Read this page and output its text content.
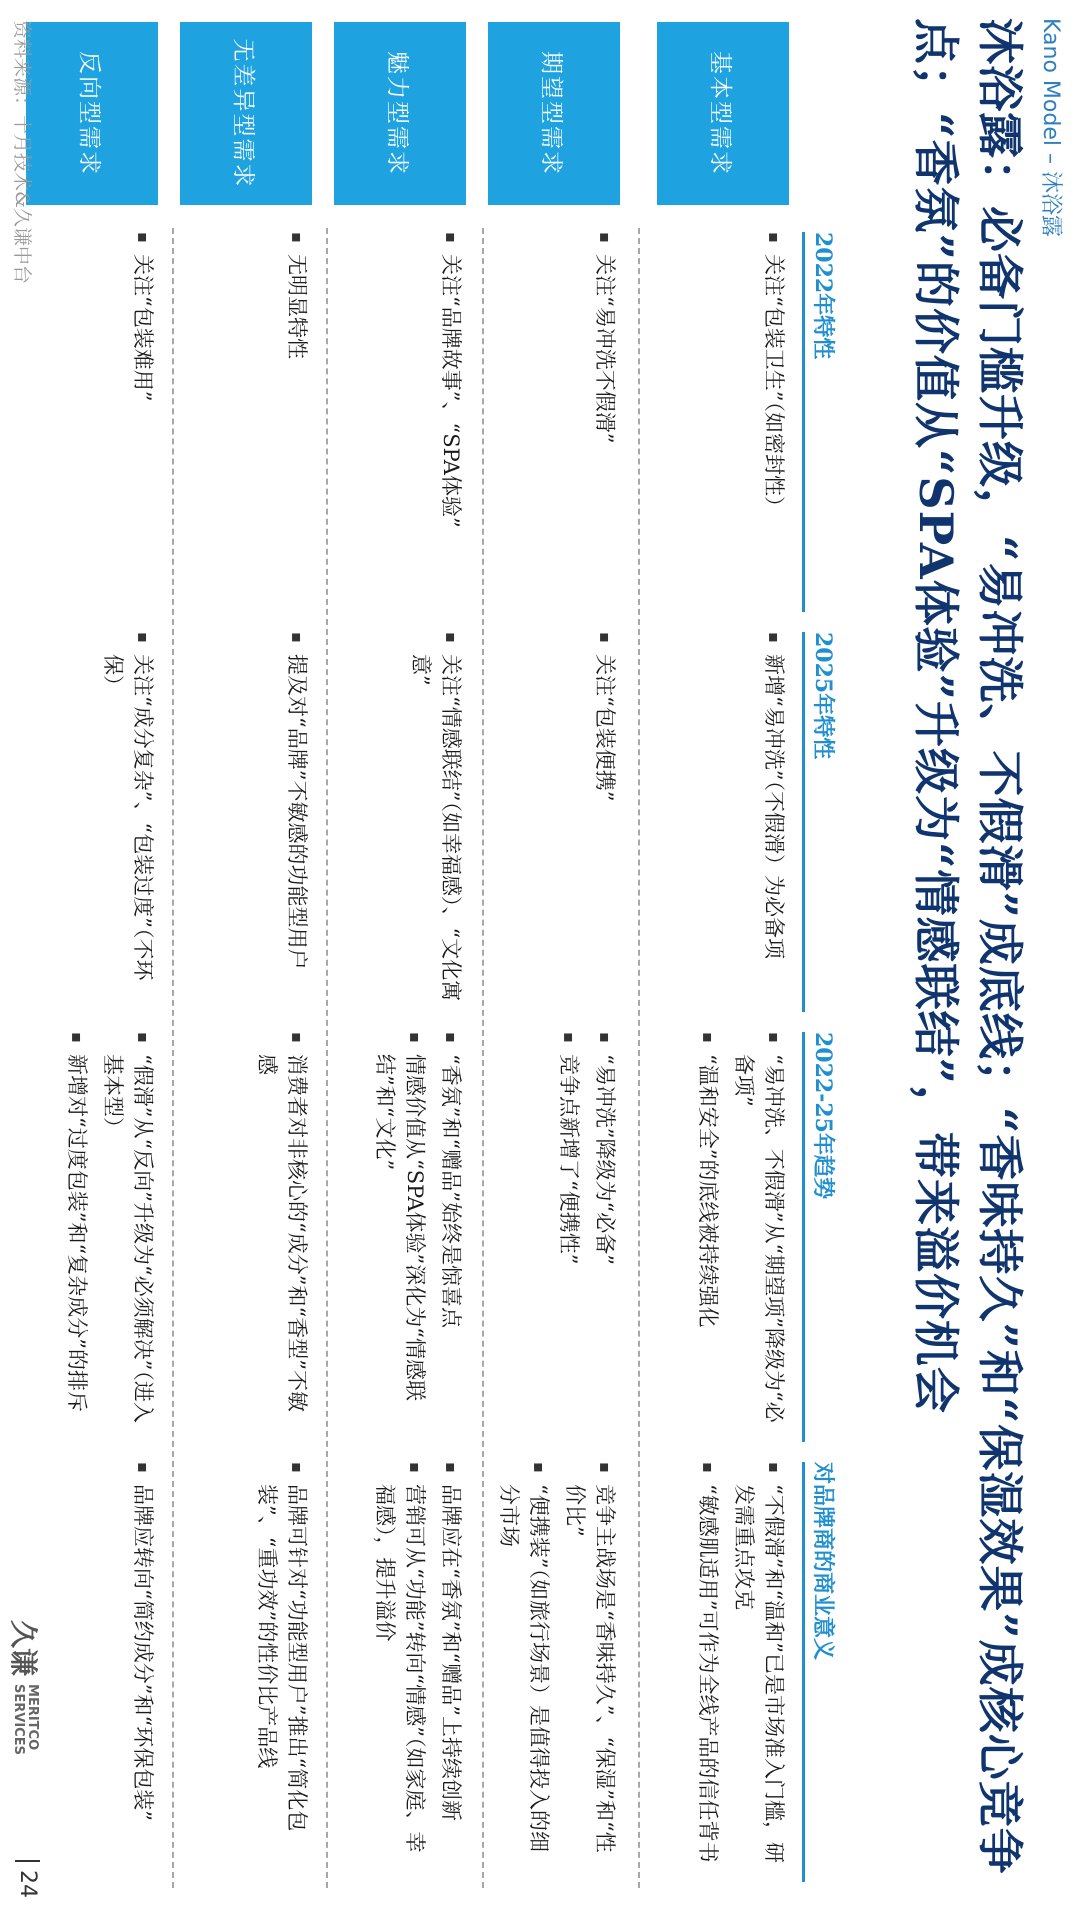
Kano Model – 沐浴露
沐浴露：必备门槛升级，“易冲洗、不假滑”成底线；“香味持久”和“保湿效果”成核心竞争点；“香氛”的价值从“SPA体验”升级为“情感联结”，带来溢价机会
2022年特性
2025年特性
2022-25年趋势
对品牌商的商业意义
基本型需求
▪ 关注“包装卫生”（如密封性）
▪ 新增“易冲洗”（不假滑）为必备项
▪ “易冲洗、不假滑”从“期望项”降级为“必备项”
▪ “温和安全”的底线被持续强化
▪ “不假滑”和“温和”已是市场准入门槛，研发需重点攻克
▪ “敏感肌适用”可作为全线产品的信任背书
期望型需求
▪ 关注“易冲洗不假滑”
▪ 关注“包装便携”
▪ “易冲洗”降级为“必备”
▪ 竞争点新增了“便携性”
▪ 竞争主战场是“香味持久”、“保湿”和“性价比”
▪ “便携装”（如旅行场景）是值得投入的细分市场
魅力型需求
▪ 关注“品牌故事”、“SPA体验”
▪ 关注“情感联结”（如幸福感）、“文化寓意”
▪ “香氛”和“赠品”始终是惊喜点
▪ 情感价值从“SPA体验”深化为“情感联结”和“文化”
▪ 品牌应在“香氛”和“赠品”上持续创新
▪ 营销可从“功能”转向“情感”（如家庭、幸福感），提升溢价
无差异型需求
▪ 无明显特性
▪ 提及对“品牌”不敏感的功能型用户
▪ 消费者对非核心的“成分”和“香型”不敏感
▪ 品牌可针对“功能型用户”推出“简化包装”、“重功效”的性价比产品线
反向型需求
▪ 关注“包装难用”
▪ 关注“成分复杂”、“包装过度”（不环保）
▪ “假滑”从“反向”升级为“必须解决”（进入基本型）
▪ 新增对“过度包装”和“复杂成分”的排斥
▪ 品牌应转向“简约成分”和“环保包装”
资料来源：十月技术&久谦中台
久谦
MERITCO
SERVICES
24
